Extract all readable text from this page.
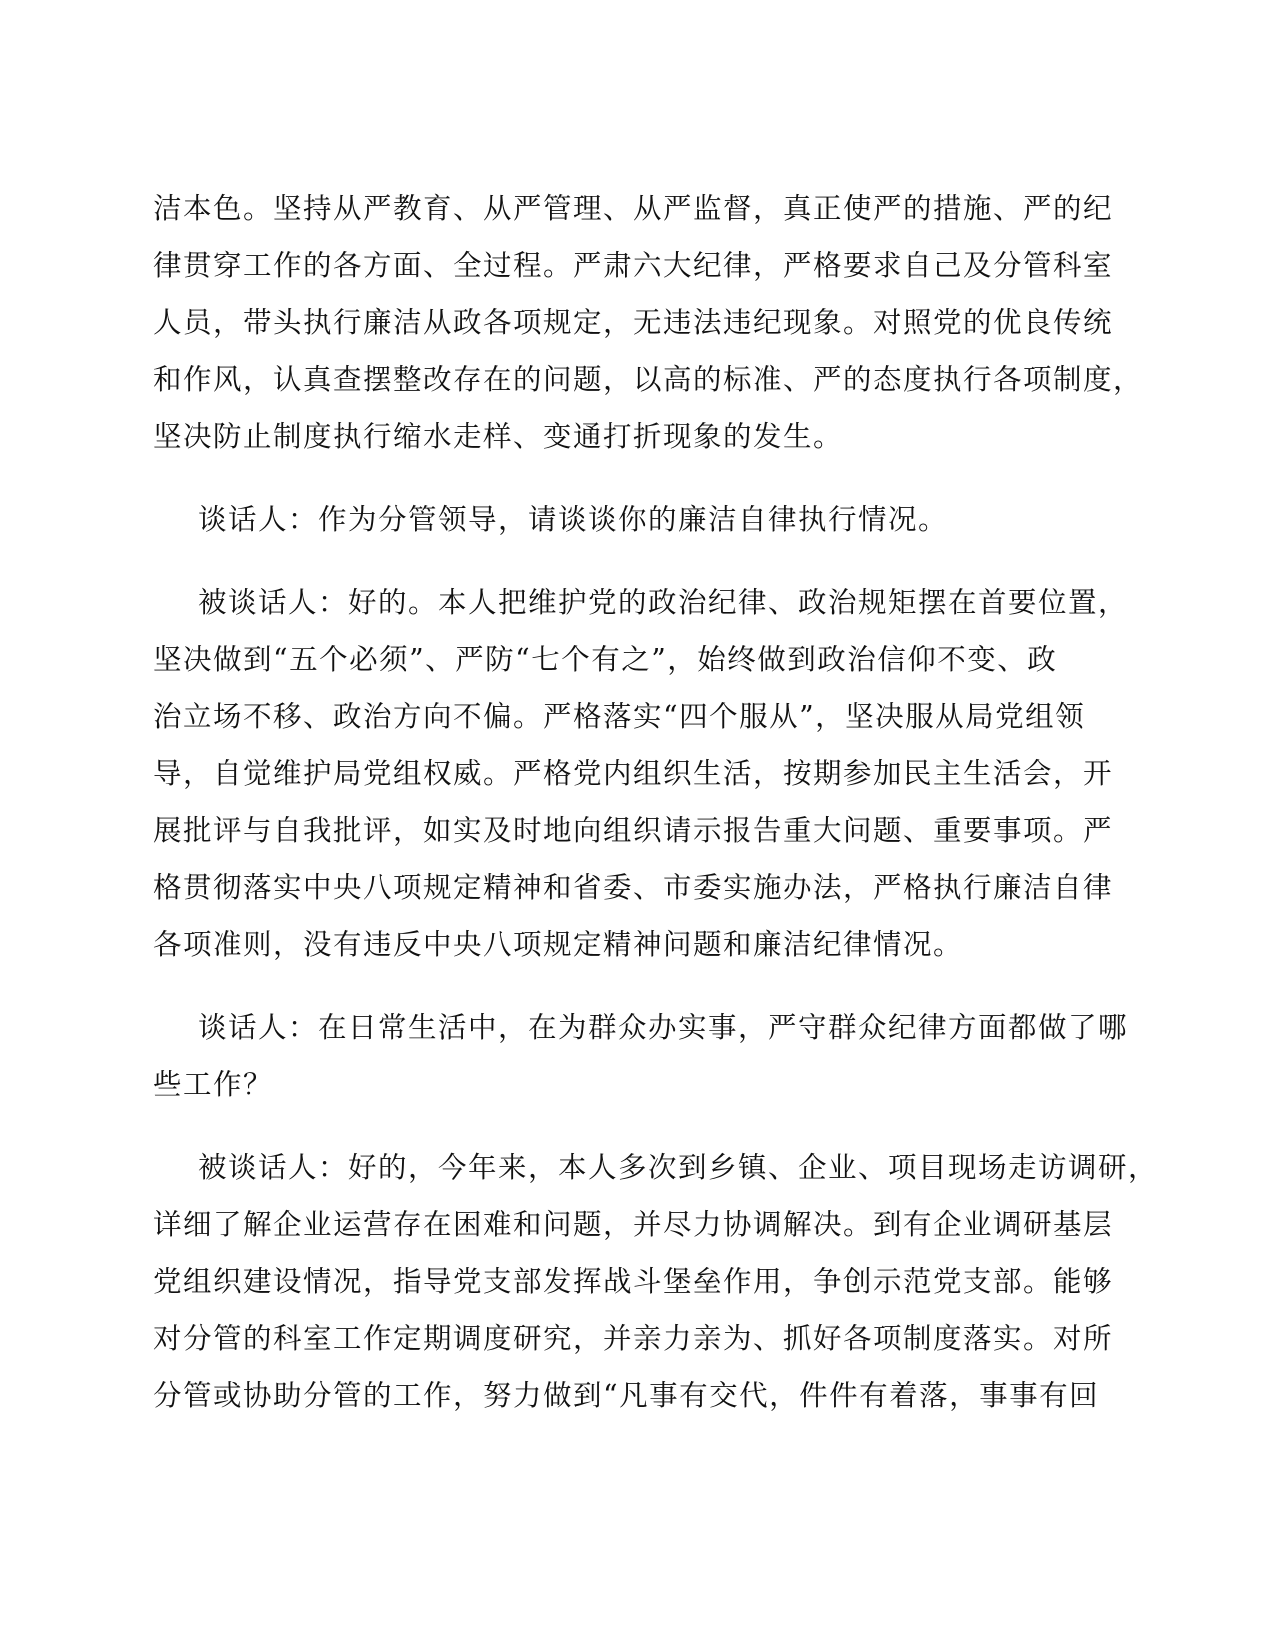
洁本色。坚持从严教育、从严管理、从严监督，真正使严的措施、严的纪
律贯穿工作的各方面、全过程。严肃六大纪律，严格要求自己及分管科室
人员，带头执行廉洁从政各项规定，无违法违纪现象。对照党的优良传统
和作风，认真查摆整改存在的问题，以高的标准、严的态度执行各项制度，
坚决防止制度执行缩水走样、变通打折现象的发生。

谈话人：作为分管领导，请谈谈你的廉洁自律执行情况。

被谈话人：好的。本人把维护党的政治纪律、政治规矩摆在首要位置，
坚决做到“五个必须”、严防“七个有之”，始终做到政治信仰不变、政
治立场不移、政治方向不偏。严格落实“四个服从”，坚决服从局党组领
导，自觉维护局党组权威。严格党内组织生活，按期参加民主生活会，开
展批评与自我批评，如实及时地向组织请示报告重大问题、重要事项。严
格贯彻落实中央八项规定精神和省委、市委实施办法，严格执行廉洁自律
各项准则，没有违反中央八项规定精神问题和廉洁纪律情况。

谈话人：在日常生活中，在为群众办实事，严守群众纪律方面都做了哪
些工作？

被谈话人：好的，今年来，本人多次到乡镇、企业、项目现场走访调研，
详细了解企业运营存在困难和问题，并尽力协调解决。到有企业调研基层
党组织建设情况，指导党支部发挥战斗堡垒作用，争创示范党支部。能够
对分管的科室工作定期调度研究，并亲力亲为、抓好各项制度落实。对所
分管或协助分管的工作，努力做到“凡事有交代，件件有着落，事事有回
